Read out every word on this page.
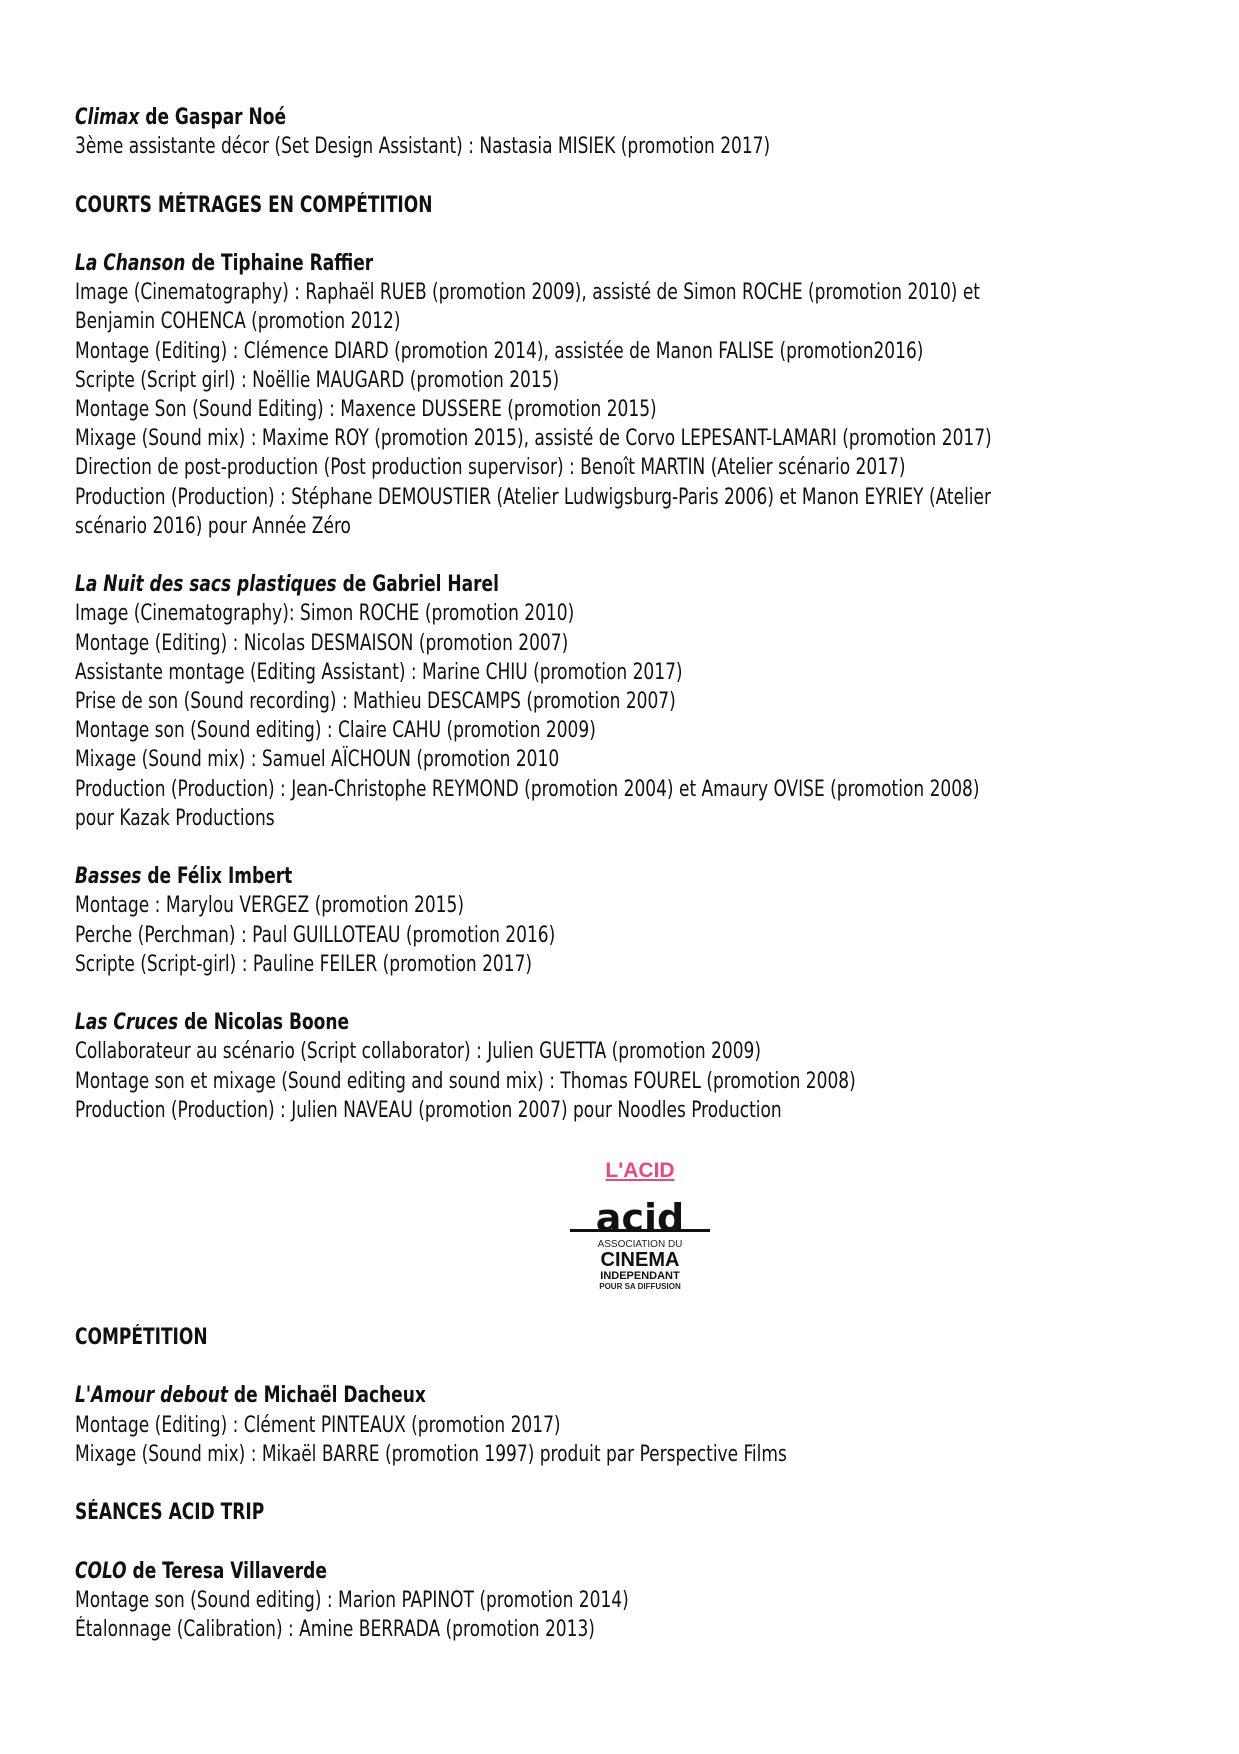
Climax de Gaspar Noé
3ème assistante décor (Set Design Assistant) : Nastasia MISIEK (promotion 2017)
COURTS MÉTRAGES EN COMPÉTITION
La Chanson de Tiphaine Raffier
Image (Cinematography) : Raphaël RUEB (promotion 2009), assisté de Simon ROCHE (promotion 2010) et
Benjamin COHENCA (promotion 2012)
Montage (Editing) : Clémence DIARD (promotion 2014), assistée de Manon FALISE (promotion2016)
Scripte (Script girl) : Noëllie MAUGARD (promotion 2015)
Montage Son (Sound Editing) : Maxence DUSSERE (promotion 2015)
Mixage (Sound mix) : Maxime ROY (promotion 2015), assisté de Corvo LEPESANT-LAMARI (promotion 2017)
Direction de post-production (Post production supervisor) : Benoît MARTIN (Atelier scénario 2017)
Production (Production) : Stéphane DEMOUSTIER (Atelier Ludwigsburg-Paris 2006) et Manon EYRIEY (Atelier
scénario 2016) pour Année Zéro
La Nuit des sacs plastiques de Gabriel Harel
Image (Cinematography): Simon ROCHE (promotion 2010)
Montage (Editing) : Nicolas DESMAISON (promotion 2007)
Assistante montage (Editing Assistant) : Marine CHIU (promotion 2017)
Prise de son (Sound recording) : Mathieu DESCAMPS (promotion 2007)
Montage son (Sound editing) : Claire CAHU (promotion 2009)
Mixage (Sound mix) : Samuel AÏCHOUN (promotion 2010
Production (Production) : Jean-Christophe REYMOND (promotion 2004) et Amaury OVISE (promotion 2008)
pour Kazak Productions
Basses de Félix Imbert
Montage : Marylou VERGEZ (promotion 2015)
Perche (Perchman) : Paul GUILLOTEAU (promotion 2016)
Scripte (Script-girl) : Pauline FEILER (promotion 2017)
Las Cruces de Nicolas Boone
Collaborateur au scénario (Script collaborator) : Julien GUETTA (promotion 2009)
Montage son et mixage (Sound editing and sound mix) : Thomas FOUREL (promotion 2008)
Production (Production) : Julien NAVEAU (promotion 2007) pour Noodles Production
L'ACID
acid
ASSOCIATION DU
CINEMA
INDEPENDANT
POUR SA DIFFUSION
COMPÉTITION
L'Amour debout de Michaël Dacheux
Montage (Editing) : Clément PINTEAUX (promotion 2017)
Mixage (Sound mix) : Mikaël BARRE (promotion 1997) produit par Perspective Films
SÉANCES ACID TRIP
COLO de Teresa Villaverde
Montage son (Sound editing) : Marion PAPINOT (promotion 2014)
Étalonnage (Calibration) : Amine BERRADA (promotion 2013)
